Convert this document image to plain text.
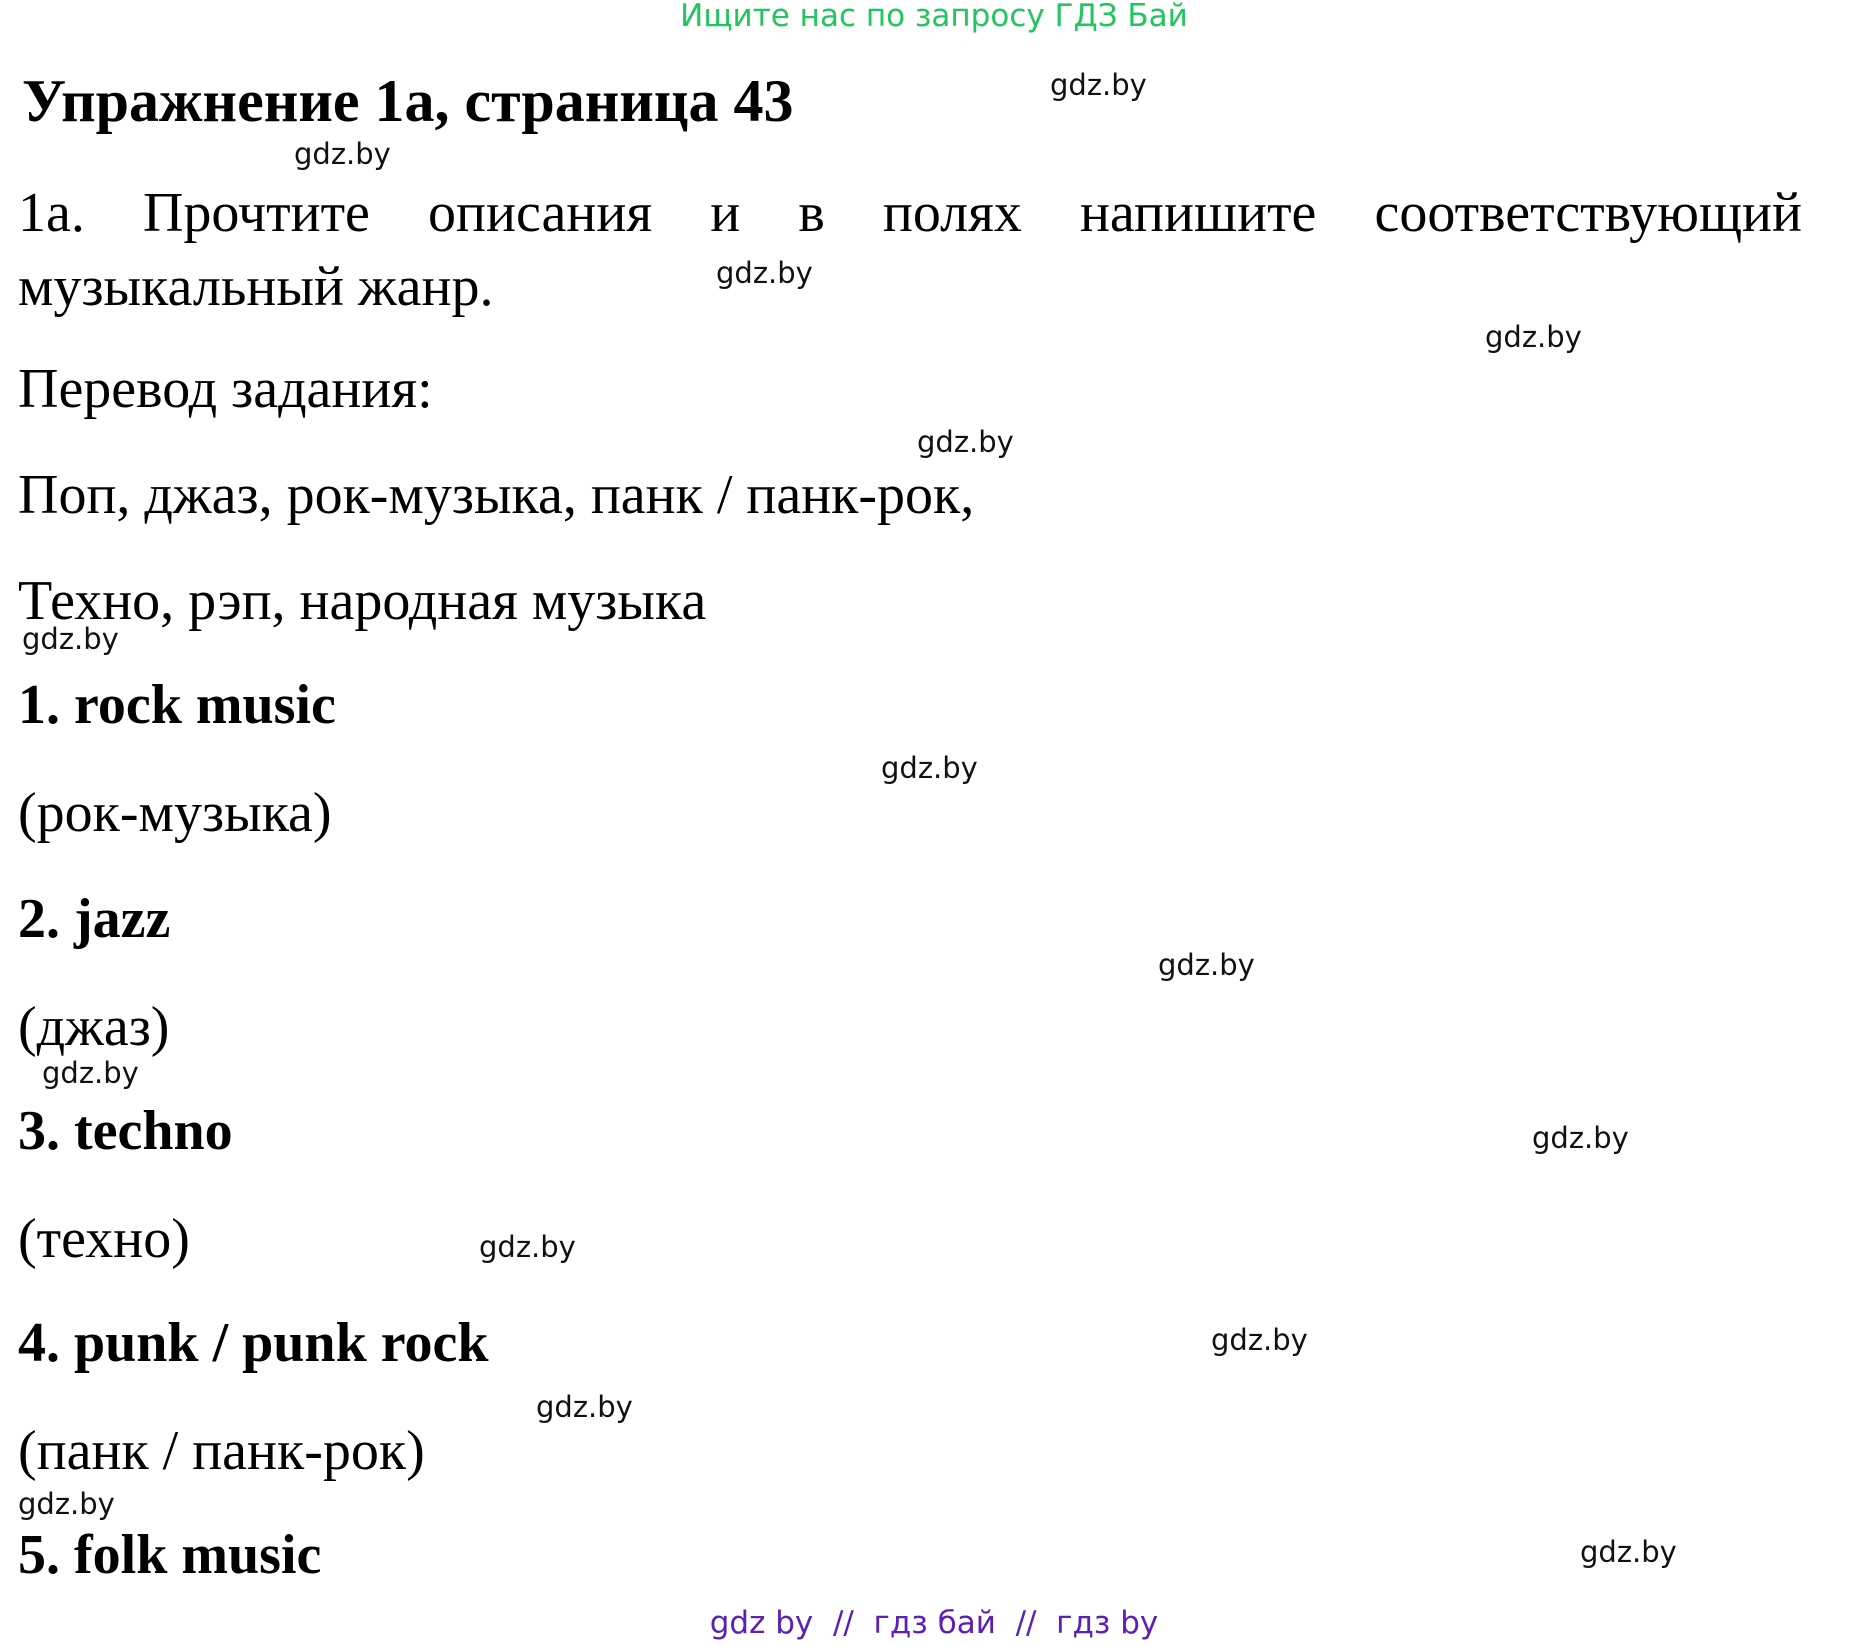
Ищите нас по запросу ГДЗ Бай
Упражнение 1а, страница 43
1а. Прочтите описания и в полях напишите соответствующий музыкальный жанр.
Перевод задания:
Поп, джаз, рок-музыка, панк / панк-рок,
Техно, рэп, народная музыка
1. rock music
(рок-музыка)
2. jazz
(джаз)
3. techno
(техно)
4. punk / punk rock
(панк / панк-рок)
5. folk music
gdz.by
gdz.by
gdz.by
gdz.by
gdz.by
gdz.by
gdz.by
gdz.by
gdz.by
gdz.by
gdz.by
gdz.by
gdz.by
gdz.by
gdz.by
gdz by  //  гдз бай  //  гдз by
